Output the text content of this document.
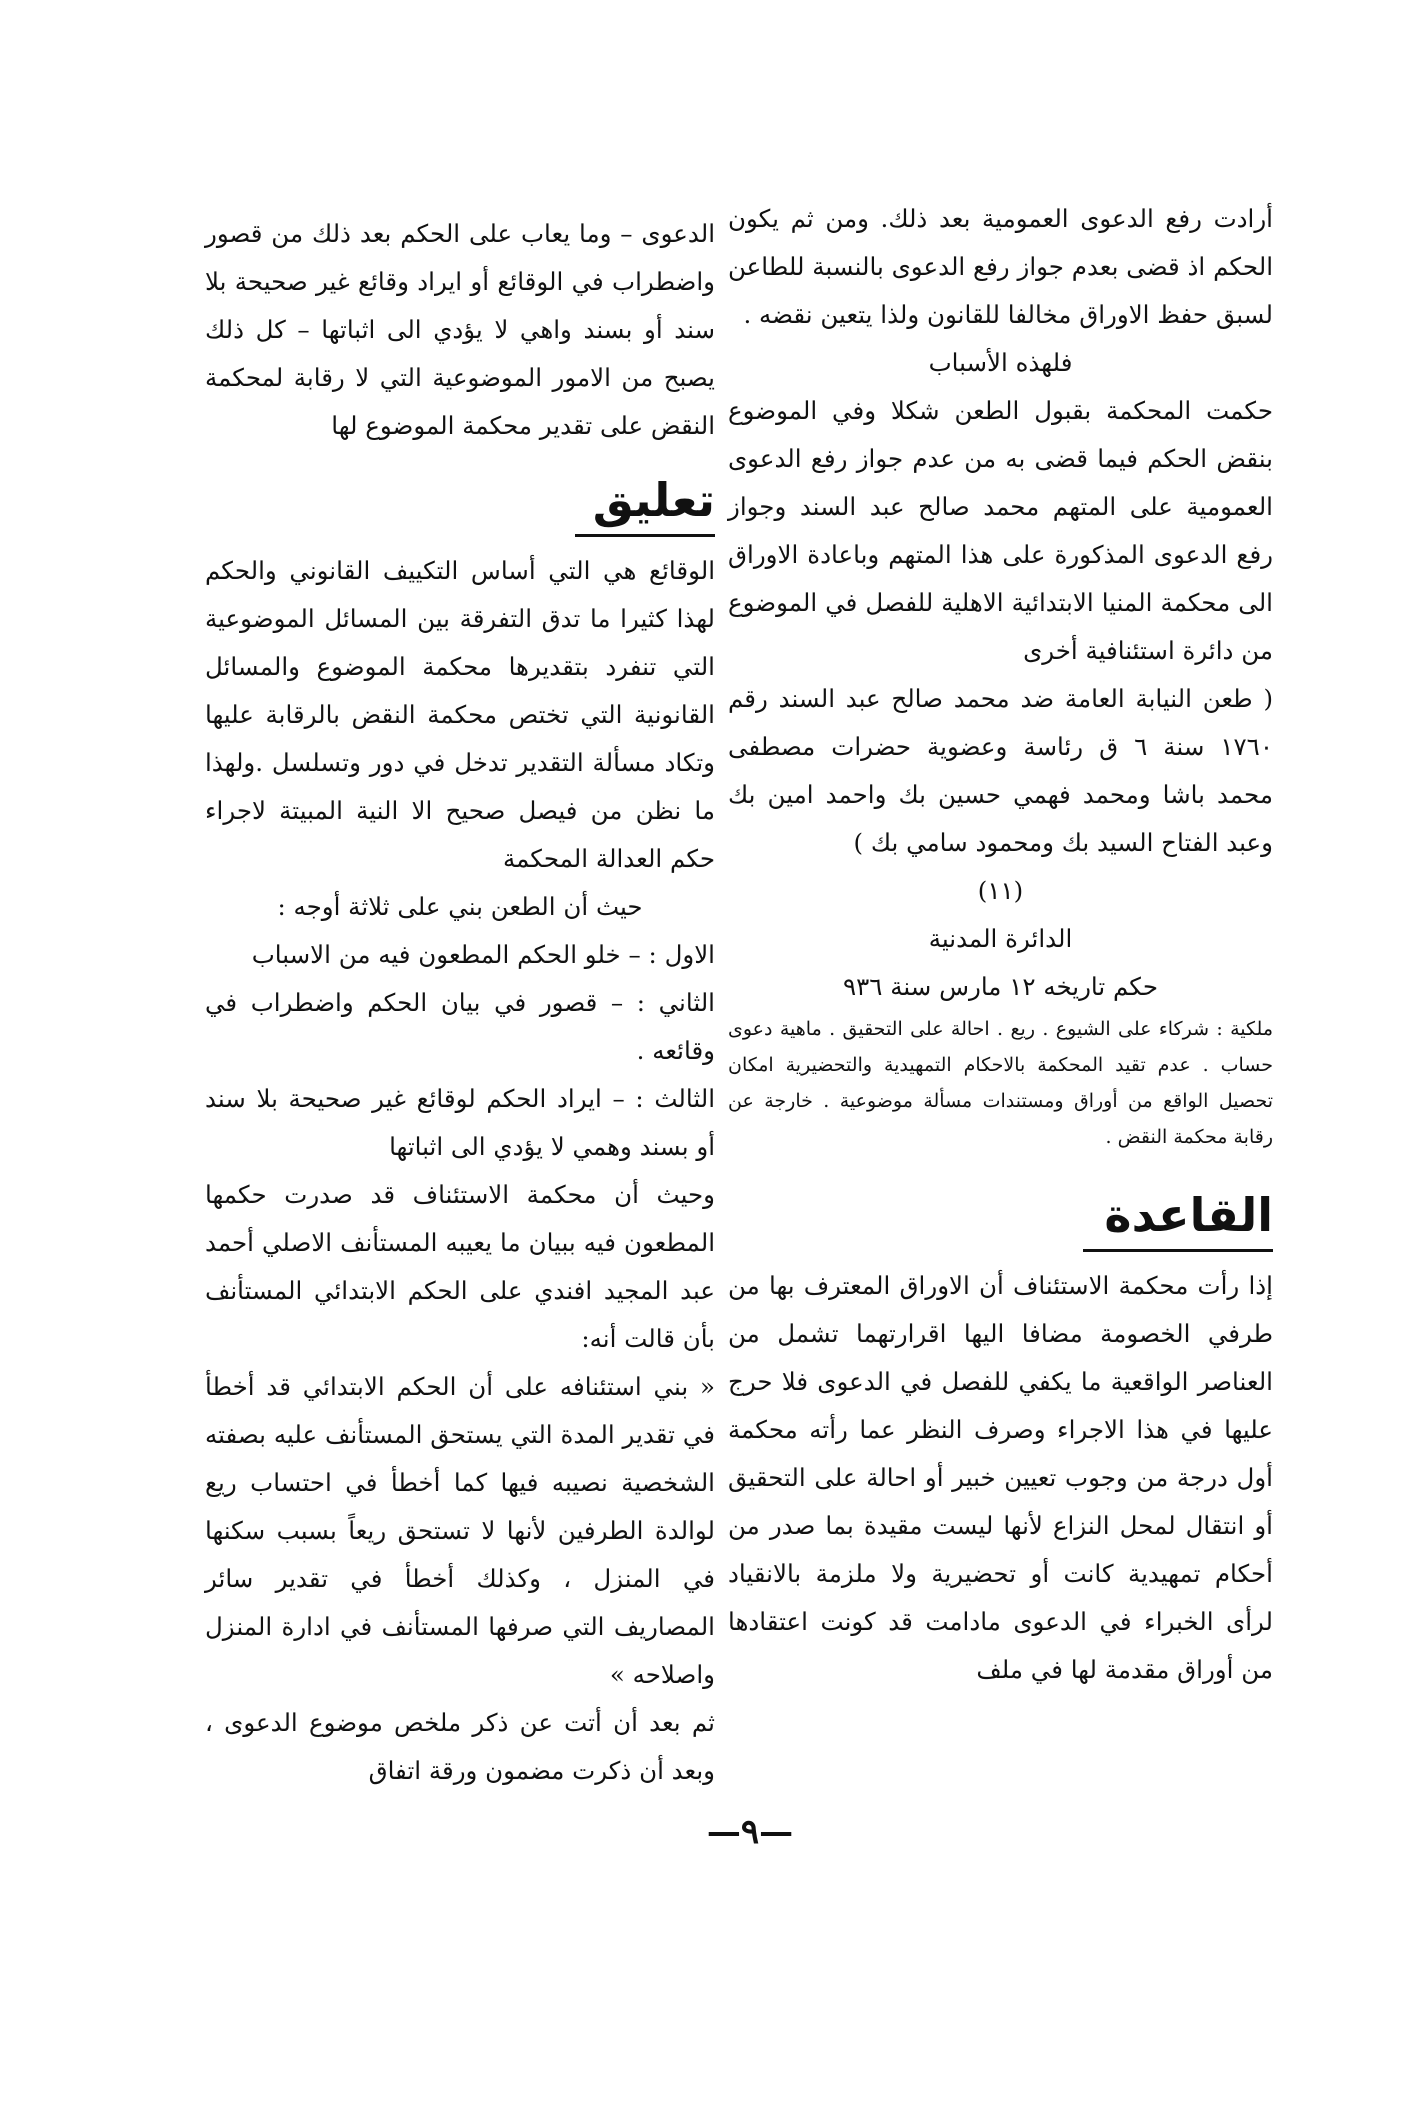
أرادت رفع الدعوى العمومية بعد ذلك. ومن ثم يكون الحكم اذ قضى بعدم جواز رفع الدعوى بالنسبة للطاعن لسبق حفظ الاوراق مخالفا للقانون ولذا يتعين نقضه .

فلهذه الأسباب

حكمت المحكمة بقبول الطعن شكلا وفي الموضوع بنقض الحكم فيما قضى به من عدم جواز رفع الدعوى العمومية على المتهم محمد صالح عبد السند وجواز رفع الدعوى المذكورة على هذا المتهم وباعادة الاوراق الى محكمة المنيا الابتدائية الاهلية للفصل في الموضوع من دائرة استئنافية أخرى

( طعن النيابة العامة ضد محمد صالح عبد السند رقم ١٧٦٠ سنة ٦ ق رئاسة وعضوية حضرات مصطفى محمد باشا ومحمد فهمي حسين بك واحمد امين بك وعبد الفتاح السيد بك ومحمود سامي بك )

(١١)

الدائرة المدنية

حكم تاريخه ١٢ مارس سنة ٩٣٦

ملكية : شركاء على الشيوع . ريع . احالة على التحقيق . ماهية دعوى حساب . عدم تقيد المحكمة بالاحكام التمهيدية والتحضيرية امكان تحصيل الواقع من أوراق ومستندات مسألة موضوعية . خارجة عن رقابة محكمة النقض .

القاعدة

إذا رأت محكمة الاستئناف أن الاوراق المعترف بها من طرفي الخصومة مضافا اليها اقرارتهما تشمل من العناصر الواقعية ما يكفي للفصل في الدعوى فلا حرج عليها في هذا الاجراء وصرف النظر عما رأته محكمة أول درجة من وجوب تعيين خبير أو احالة على التحقيق أو انتقال لمحل النزاع لأنها ليست مقيدة بما صدر من أحكام تمهيدية كانت أو تحضيرية ولا ملزمة بالانقياد لرأى الخبراء في الدعوى مادامت قد كونت اعتقادها من أوراق مقدمة لها في ملف

الدعوى – وما يعاب على الحكم بعد ذلك من قصور واضطراب في الوقائع أو ايراد وقائع غير صحيحة بلا سند أو بسند واهي لا يؤدي الى اثباتها – كل ذلك يصبح من الامور الموضوعية التي لا رقابة لمحكمة النقض على تقدير محكمة الموضوع لها

تعليق

الوقائع هي التي أساس التكييف القانوني والحكم لهذا كثيرا ما تدق التفرقة بين المسائل الموضوعية التي تنفرد بتقديرها محكمة الموضوع والمسائل القانونية التي تختص محكمة النقض بالرقابة عليها وتكاد مسألة التقدير تدخل في دور وتسلسل .ولهذا ما نظن من فيصل صحيح الا النية المبيتة لاجراء حكم العدالة المحكمة

حيث أن الطعن بني على ثلاثة أوجه :

الاول : – خلو الحكم المطعون فيه من الاسباب

الثاني : – قصور في بيان الحكم واضطراب في وقائعه .

الثالث : – ايراد الحكم لوقائع غير صحيحة بلا سند أو بسند وهمي لا يؤدي الى اثباتها

وحيث أن محكمة الاستئناف قد صدرت حكمها المطعون فيه ببيان ما يعيبه المستأنف الاصلي أحمد عبد المجيد افندي على الحكم الابتدائي المستأنف بأن قالت أنه:

« بني استئنافه على أن الحكم الابتدائي قد أخطأ في تقدير المدة التي يستحق المستأنف عليه بصفته الشخصية نصيبه فيها كما أخطأ في احتساب ريع لوالدة الطرفين لأنها لا تستحق ريعاً بسبب سكنها في المنزل ، وكذلك أخطأ في تقدير سائر المصاريف التي صرفها المستأنف في ادارة المنزل واصلاحه »

ثم بعد أن أتت عن ذكر ملخص موضوع الدعوى ، وبعد أن ذكرت مضمون ورقة اتفاق

—٩—
